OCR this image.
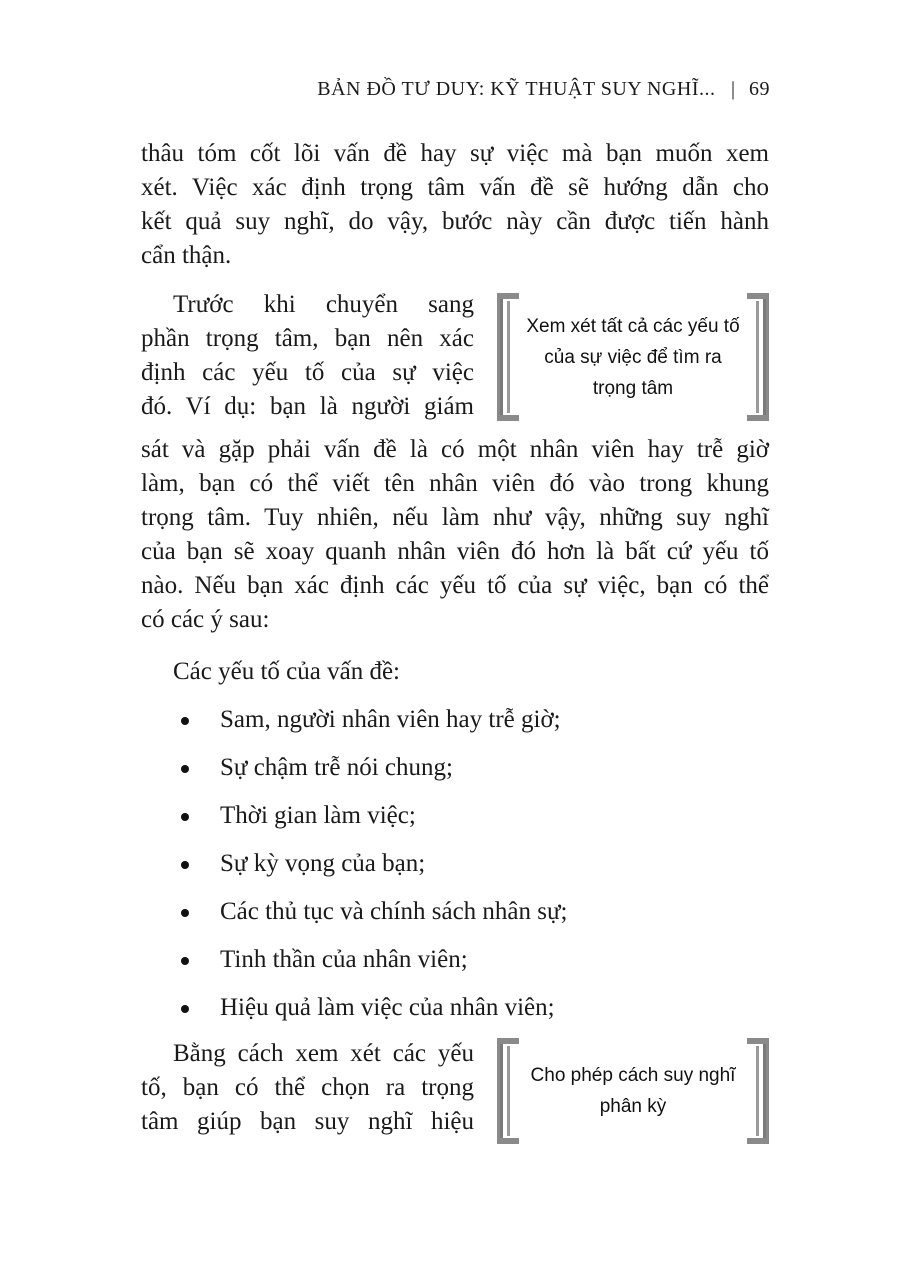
BẢN ĐỒ TƯ DUY: KỸ THUẬT SUY NGHĨ... | 69
thâu tóm cốt lõi vấn đề hay sự việc mà bạn muốn xem
xét. Việc xác định trọng tâm vấn đề sẽ hướng dẫn cho
kết quả suy nghĩ, do vậy, bước này cần được tiến hành
cẩn thận.
Trước khi chuyển sang
phần trọng tâm, bạn nên xác
định các yếu tố của sự việc
đó. Ví dụ: bạn là người giám
Xem xét tất cả các yếu tố
của sự việc để tìm ra
trọng tâm
sát và gặp phải vấn đề là có một nhân viên hay trễ giờ
làm, bạn có thể viết tên nhân viên đó vào trong khung
trọng tâm. Tuy nhiên, nếu làm như vậy, những suy nghĩ
của bạn sẽ xoay quanh nhân viên đó hơn là bất cứ yếu tố
nào. Nếu bạn xác định các yếu tố của sự việc, bạn có thể
có các ý sau:
Các yếu tố của vấn đề:
Sam, người nhân viên hay trễ giờ;
Sự chậm trễ nói chung;
Thời gian làm việc;
Sự kỳ vọng của bạn;
Các thủ tục và chính sách nhân sự;
Tinh thần của nhân viên;
Hiệu quả làm việc của nhân viên;
Bằng cách xem xét các yếu
tố, bạn có thể chọn ra trọng
tâm giúp bạn suy nghĩ hiệu
Cho phép cách suy nghĩ
phân kỳ
